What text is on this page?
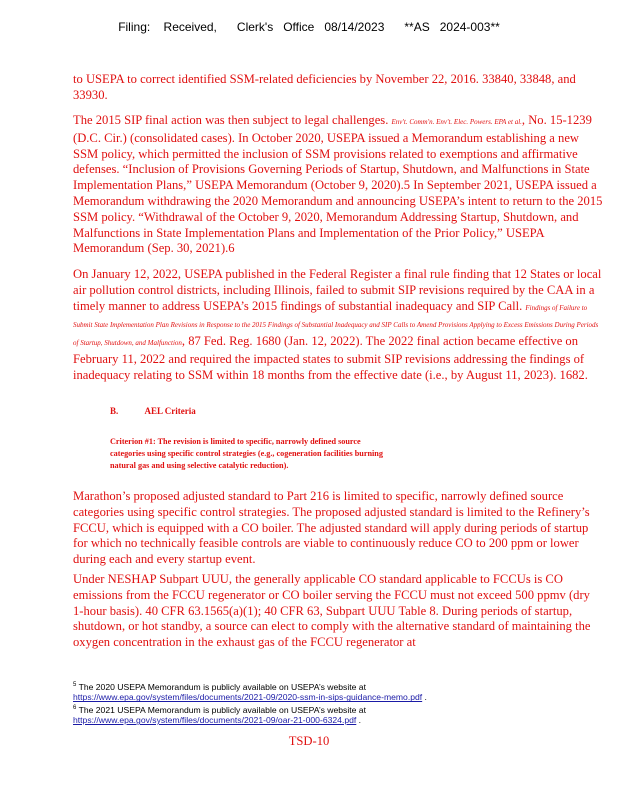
Filing:    Received,      Clerk's   Office   08/14/2023      **AS   2024-003**

to USEPA to correct identified SSM-related deficiencies by November 22, 2016. 33840, 33848, and 33930.

The 2015 SIP final action was then subject to legal challenges. Env't. Comm'n. Env't. Elec. Powers. EPA et al., No. 15-1239 (D.C. Cir.) (consolidated cases). In October 2020, USEPA issued a Memorandum establishing a new SSM policy, which permitted the inclusion of SSM provisions related to exemptions and affirmative defenses. “Inclusion of Provisions Governing Periods of Startup, Shutdown, and Malfunctions in State Implementation Plans,” USEPA Memorandum (October 9, 2020).5 In September 2021, USEPA issued a Memorandum withdrawing the 2020 Memorandum and announcing USEPA’s intent to return to the 2015 SSM policy. “Withdrawal of the October 9, 2020, Memorandum Addressing Startup, Shutdown, and Malfunctions in State Implementation Plans and Implementation of the Prior Policy,” USEPA Memorandum (Sep. 30, 2021).6

On January 12, 2022, USEPA published in the Federal Register a final rule finding that 12 States or local air pollution control districts, including Illinois, failed to submit SIP revisions required by the CAA in a timely manner to address USEPA’s 2015 findings of substantial inadequacy and SIP Call. Findings of Failure to Submit State Implementation Plan Revisions in Response to the 2015 Findings of Substantial Inadequacy and SIP Calls to Amend Provisions Applying to Excess Emissions During Periods of Startup, Shutdown, and Malfunction, 87 Fed. Reg. 1680 (Jan. 12, 2022). The 2022 final action became effective on February 11, 2022 and required the impacted states to submit SIP revisions addressing the findings of inadequacy relating to SSM within 18 months from the effective date (i.e., by August 11, 2023). 1682.

B.	AEL Criteria

Criterion #1: The revision is limited to specific, narrowly defined source categories using specific control strategies (e.g., cogeneration facilities burning natural gas and using selective catalytic reduction).

Marathon’s proposed adjusted standard to Part 216 is limited to specific, narrowly defined source categories using specific control strategies. The proposed adjusted standard is limited to the Refinery’s FCCU, which is equipped with a CO boiler. The adjusted standard will apply during periods of startup for which no technically feasible controls are viable to continuously reduce CO to 200 ppm or lower during each and every startup event.

Under NESHAP Subpart UUU, the generally applicable CO standard applicable to FCCUs is CO emissions from the FCCU regenerator or CO boiler serving the FCCU must not exceed 500 ppmv (dry 1-hour basis). 40 CFR 63.1565(a)(1); 40 CFR 63, Subpart UUU Table 8. During periods of startup, shutdown, or hot standby, a source can elect to comply with the alternative standard of maintaining the oxygen concentration in the exhaust gas of the FCCU regenerator at

$^5$ The 2020 USEPA Memorandum is publicly available on USEPA’s website at
https://www.epa.gov/system/files/documents/2021-09/2020-ssm-in-sips-guidance-memo.pdf .

$^6$ The 2021 USEPA Memorandum is publicly available on USEPA’s website at
https://www.epa.gov/system/files/documents/2021-09/oar-21-000-6324.pdf .

TSD-10
